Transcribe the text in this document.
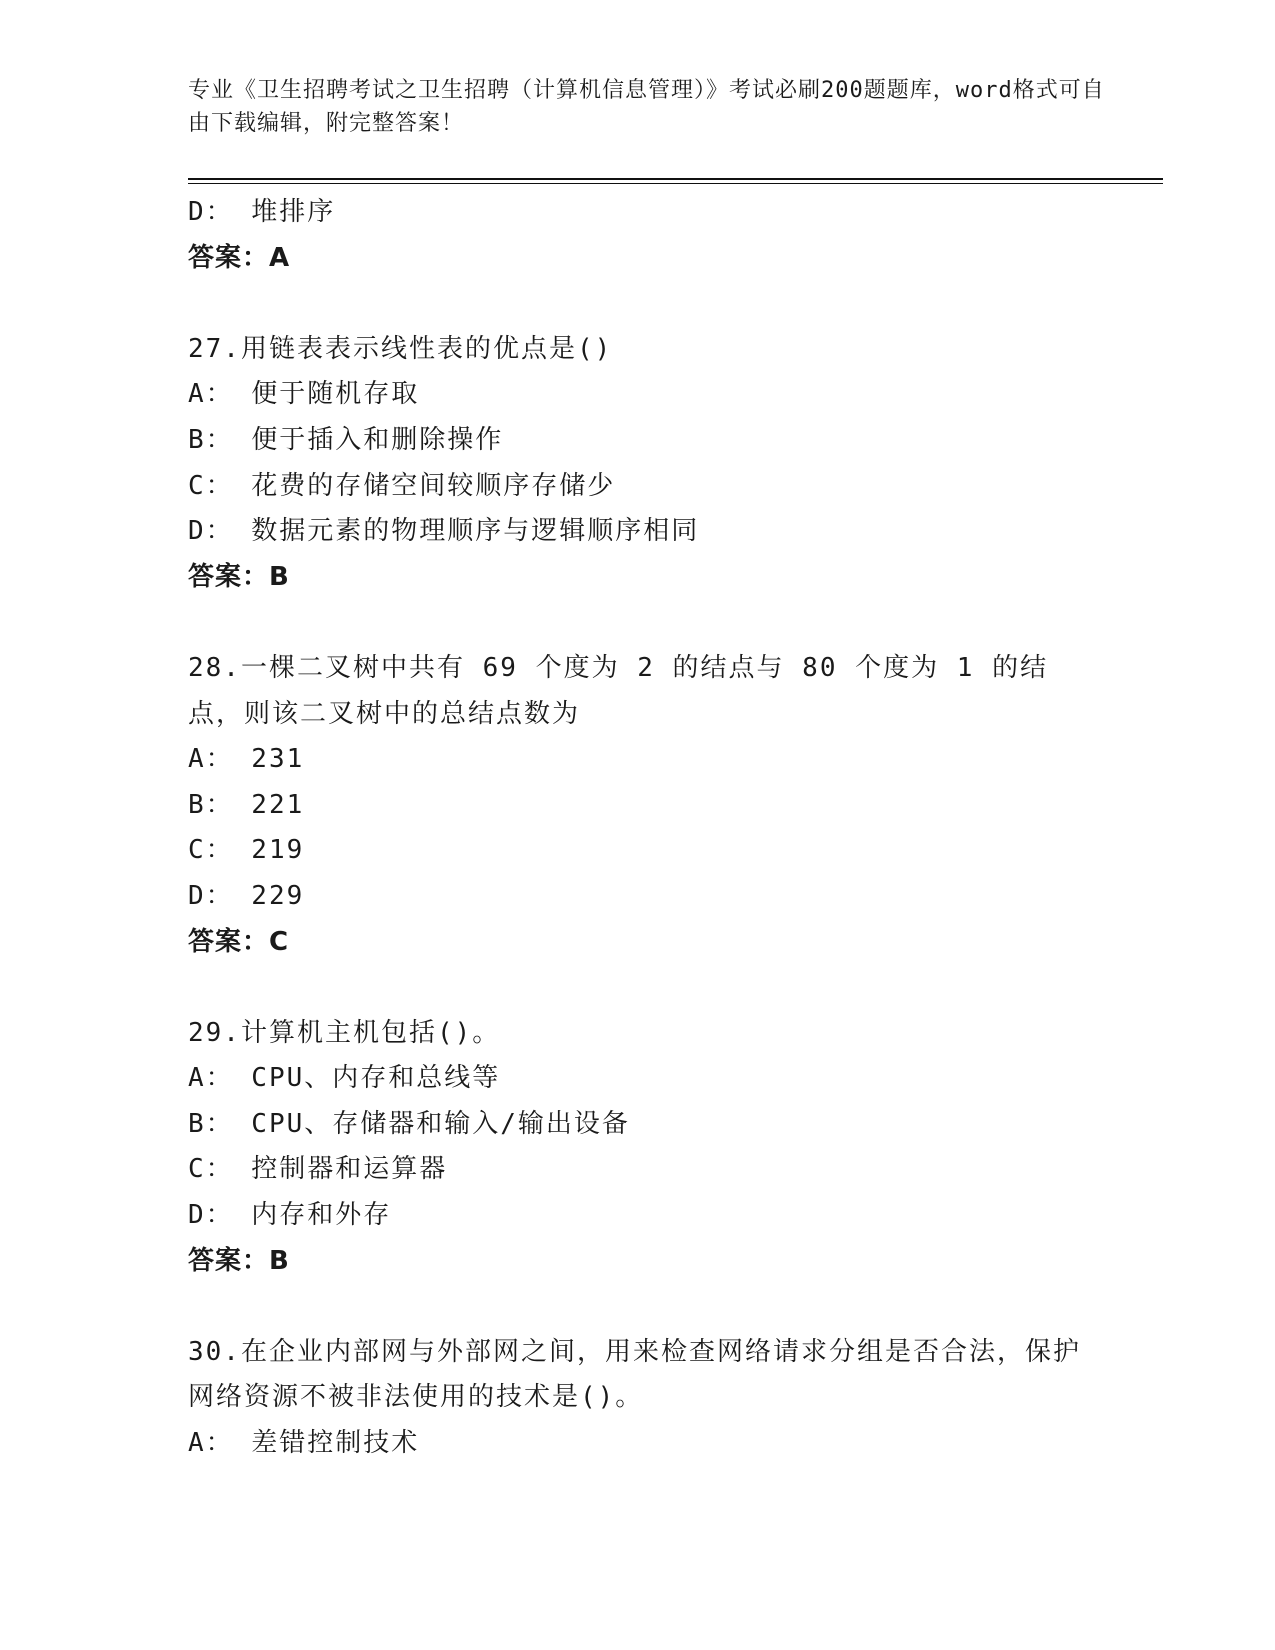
专业《卫生招聘考试之卫生招聘（计算机信息管理）》考试必刷200题题库，word格式可自由下载编辑，附完整答案！
D： 堆排序
答案：A
27.用链表表示线性表的优点是()
A： 便于随机存取
B： 便于插入和删除操作
C： 花费的存储空间较顺序存储少
D： 数据元素的物理顺序与逻辑顺序相同
答案：B
28.一棵二叉树中共有 69 个度为 2 的结点与 80 个度为 1 的结点，则该二叉树中的总结点数为
A： 231
B： 221
C： 219
D： 229
答案：C
29.计算机主机包括()。
A： CPU、内存和总线等
B： CPU、存储器和输入/输出设备
C： 控制器和运算器
D： 内存和外存
答案：B
30.在企业内部网与外部网之间，用来检查网络请求分组是否合法，保护网络资源不被非法使用的技术是()。
A： 差错控制技术
